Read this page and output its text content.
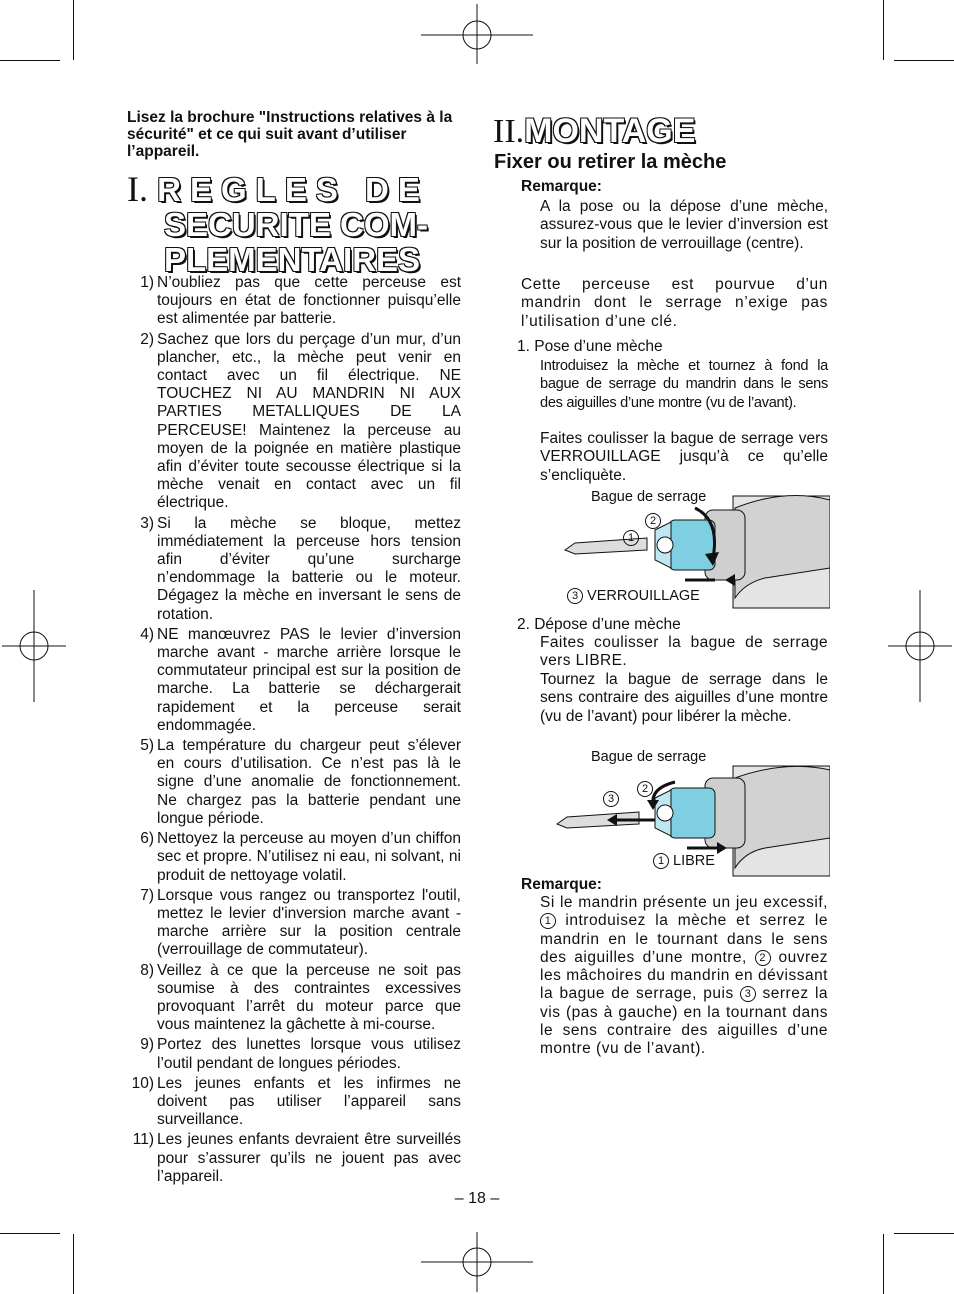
Lisez la brochure "Instructions relatives à la sécurité" et ce qui suit avant d’utiliser l’appareil.
I. REGLES DE
SECURITE COM-
PLEMENTAIRES
1) N’oubliez pas que cette perceuse est toujours en état de fonctionner puisqu’elle est alimentée par batterie.
2) Sachez que lors du perçage d’un mur, d’un plancher, etc., la mèche peut venir en contact avec un fil électrique. NE TOUCHEZ NI AU MANDRIN NI AUX PARTIES METALLIQUES DE LA PERCEUSE! Maintenez la perceuse au moyen de la poignée en matière plastique afin d’éviter toute secousse électrique si la mèche venait en contact avec un fil électrique.
3) Si la mèche se bloque, mettez immédiatement la perceuse hors tension afin d’éviter qu’une surcharge n’endommage la batterie ou le moteur. Dégagez la mèche en inversant le sens de rotation.
4) NE manœuvrez PAS le levier d’inversion marche avant - marche arrière lorsque le commutateur principal est sur la position de marche. La batterie se déchargerait rapidement et la perceuse serait endommagée.
5) La température du chargeur peut s’élever en cours d’utilisation. Ce n’est pas là le signe d’une anomalie de fonctionnement. Ne chargez pas la batterie pendant une longue période.
6) Nettoyez la perceuse au moyen d’un chiffon sec et propre. N’utilisez ni eau, ni solvant, ni produit de nettoyage volatil.
7) Lorsque vous rangez ou transportez l'outil, mettez le levier d'inversion marche avant - marche arrière sur la position centrale (verrouillage de commutateur).
8) Veillez à ce que la perceuse ne soit pas soumise à des contraintes excessives provoquant l’arrêt du moteur parce que vous maintenez la gâchette à mi-course.
9) Portez des lunettes lorsque vous utilisez l’outil pendant de longues périodes.
10) Les jeunes enfants et les infirmes ne doivent pas utiliser l’appareil sans surveillance.
11) Les jeunes enfants devraient être surveillés pour s’assurer qu’ils ne jouent pas avec l’appareil.
II.MONTAGE
Fixer ou retirer la mèche
Remarque:
A la pose ou la dépose d’une mèche, assurez-vous que le levier d’inversion est sur la position de verrouillage (centre).
Cette perceuse est pourvue d’un mandrin dont le serrage n’exige pas l’utilisation d’une clé.
1. Pose d’une mèche
Introduisez la mèche et tournez à fond la bague de serrage du mandrin dans le sens des aiguilles d’une montre (vu de l’avant).
Faites coulisser la bague de serrage vers VERROUILLAGE jusqu’à ce qu’elle s’encliquète.
Bague de serrage
2
1
3 VERROUILLAGE
2. Dépose d’une mèche
Faites coulisser la bague de serrage vers LIBRE.
Tournez la bague de serrage dans le sens contraire des aiguilles d’une montre (vu de l’avant) pour libérer la mèche.
Bague de serrage
2
3
1 LIBRE
Remarque:
Si le mandrin présente un jeu excessif, 1 introduisez la mèche et serrez le mandrin en le tournant dans le sens des aiguilles d’une montre, 2 ouvrez les mâchoires du mandrin en dévissant la bague de serrage, puis 3 serrez la vis (pas à gauche) en la tournant dans le sens contraire des aiguilles d’une montre (vu de l’avant).
– 18 –
